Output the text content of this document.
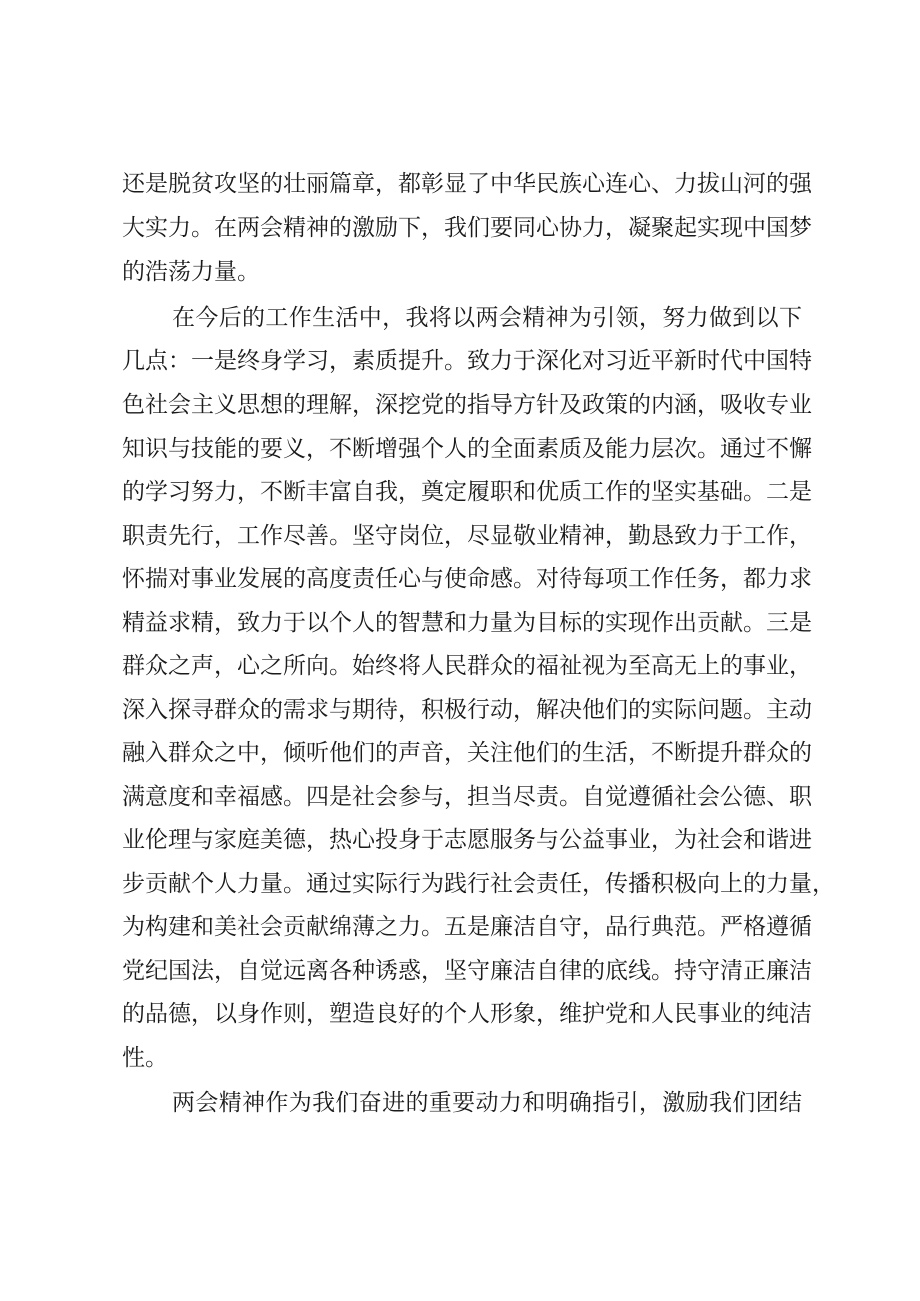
还是脱贫攻坚的壮丽篇章，都彰显了中华民族心连心、力拔山河的强
大实力。在两会精神的激励下，我们要同心协力，凝聚起实现中国梦
的浩荡力量。
在今后的工作生活中，我将以两会精神为引领，努力做到以下
几点：一是终身学习，素质提升。致力于深化对习近平新时代中国特
色社会主义思想的理解，深挖党的指导方针及政策的内涵，吸收专业
知识与技能的要义，不断增强个人的全面素质及能力层次。通过不懈
的学习努力，不断丰富自我，奠定履职和优质工作的坚实基础。二是
职责先行，工作尽善。坚守岗位，尽显敬业精神，勤恳致力于工作，
怀揣对事业发展的高度责任心与使命感。对待每项工作任务，都力求
精益求精，致力于以个人的智慧和力量为目标的实现作出贡献。三是
群众之声，心之所向。始终将人民群众的福祉视为至高无上的事业，
深入探寻群众的需求与期待，积极行动，解决他们的实际问题。主动
融入群众之中，倾听他们的声音，关注他们的生活，不断提升群众的
满意度和幸福感。四是社会参与，担当尽责。自觉遵循社会公德、职
业伦理与家庭美德，热心投身于志愿服务与公益事业，为社会和谐进
步贡献个人力量。通过实际行为践行社会责任，传播积极向上的力量，
为构建和美社会贡献绵薄之力。五是廉洁自守，品行典范。严格遵循
党纪国法，自觉远离各种诱惑，坚守廉洁自律的底线。持守清正廉洁
的品德，以身作则，塑造良好的个人形象，维护党和人民事业的纯洁
性。
两会精神作为我们奋进的重要动力和明确指引，激励我们团结
